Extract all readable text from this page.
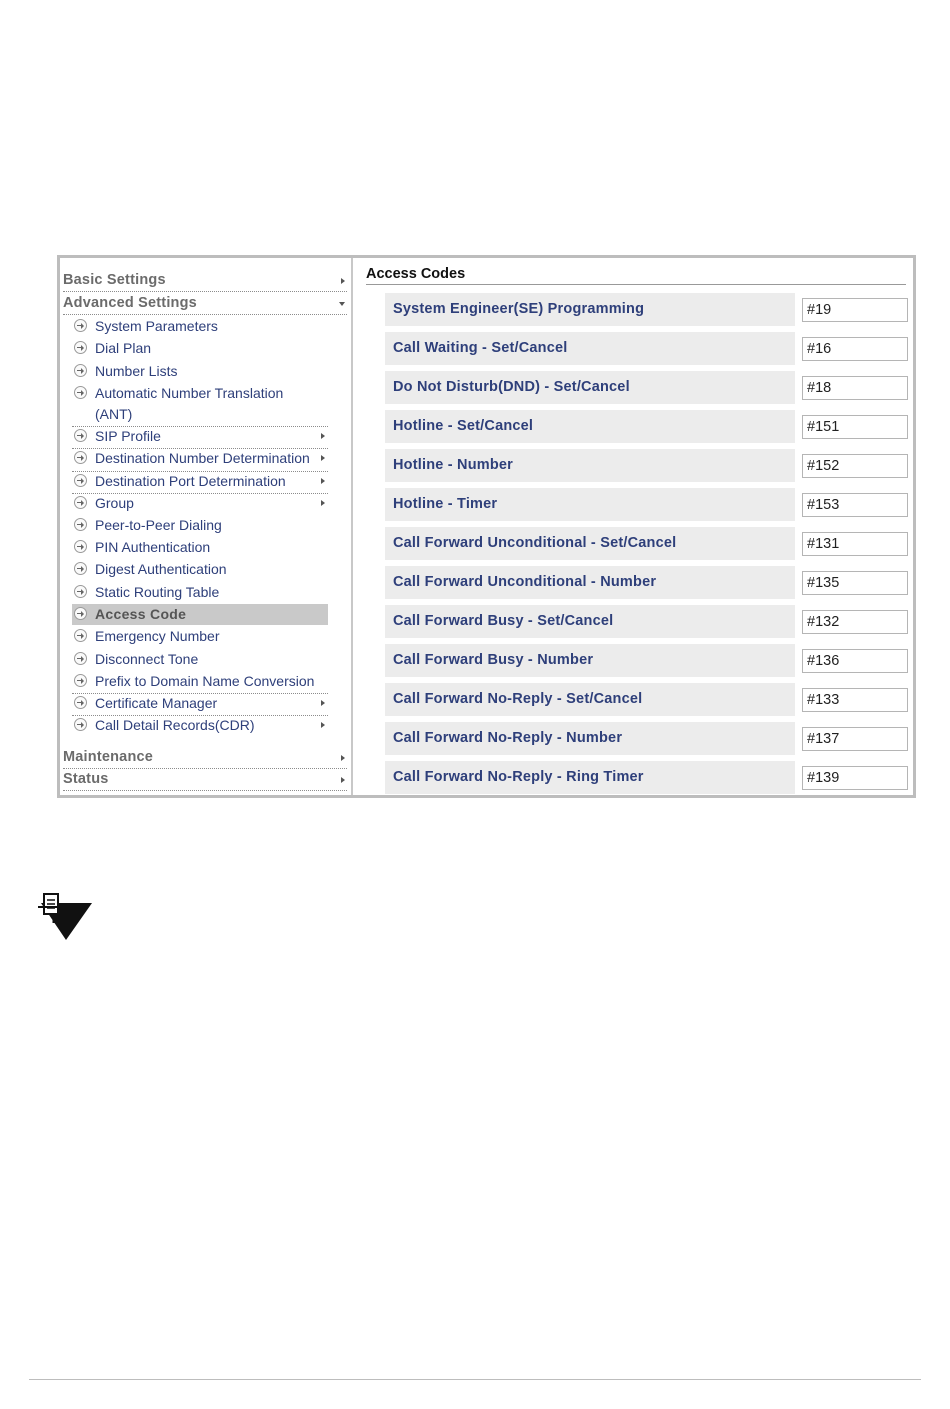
Basic Settings
Advanced Settings
System Parameters
Dial Plan
Number Lists
Automatic Number Translation
(ANT)
SIP Profile
Destination Number Determination
Destination Port Determination
Group
Peer-to-Peer Dialing
PIN Authentication
Digest Authentication
Static Routing Table
Access Code
Emergency Number
Disconnect Tone
Prefix to Domain Name Conversion
Certificate Manager
Call Detail Records(CDR)
Maintenance
Status
Access Codes
System Engineer(SE) Programming
#19
Call Waiting - Set/Cancel
#16
Do Not Disturb(DND) - Set/Cancel
#18
Hotline - Set/Cancel
#151
Hotline - Number
#152
Hotline - Timer
#153
Call Forward Unconditional - Set/Cancel
#131
Call Forward Unconditional - Number
#135
Call Forward Busy - Set/Cancel
#132
Call Forward Busy - Number
#136
Call Forward No-Reply - Set/Cancel
#133
Call Forward No-Reply - Number
#137
Call Forward No-Reply - Ring Timer
#139
